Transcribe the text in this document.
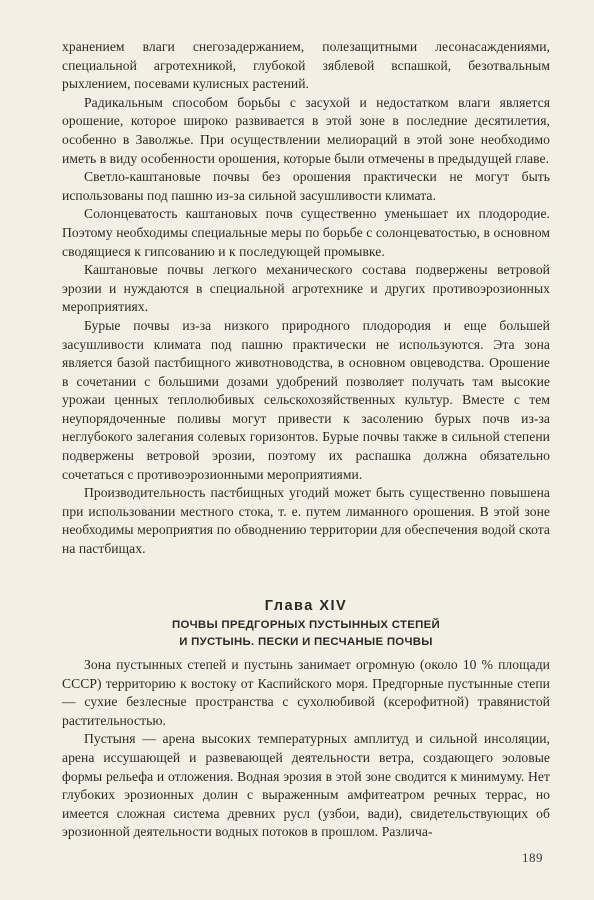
хранением влаги снегозадержанием, полезащитными лесонасаждениями, специальной агротехникой, глубокой зяблевой вспашкой, безотвальным рыхлением, посевами кулисных растений.

Радикальным способом борьбы с засухой и недостатком влаги является орошение, которое широко развивается в этой зоне в последние десятилетия, особенно в Заволжье. При осуществлении мелиораций в этой зоне необходимо иметь в виду особенности орошения, которые были отмечены в предыдущей главе.

Светло-каштановые почвы без орошения практически не могут быть использованы под пашню из-за сильной засушливости климата.

Солонцеватость каштановых почв существенно уменьшает их плодородие. Поэтому необходимы специальные меры по борьбе с солонцеватостью, в основном сводящиеся к гипсованию и к последующей промывке.

Каштановые почвы легкого механического состава подвержены ветровой эрозии и нуждаются в специальной агротехнике и других противоэрозионных мероприятиях.

Бурые почвы из-за низкого природного плодородия и еще большей засушливости климата под пашню практически не используются. Эта зона является базой пастбищного животноводства, в основном овцеводства. Орошение в сочетании с большими дозами удобрений позволяет получать там высокие урожаи ценных теплолюбивых сельскохозяйственных культур. Вместе с тем неупорядоченные поливы могут привести к засолению бурых почв из-за неглубокого залегания солевых горизонтов. Бурые почвы также в сильной степени подвержены ветровой эрозии, поэтому их распашка должна обязательно сочетаться с противоэрозионными мероприятиями.

Производительность пастбищных угодий может быть существенно повышена при использовании местного стока, т. е. путем лиманного орошения. В этой зоне необходимы мероприятия по обводнению территории для обеспечения водой скота на пастбищах.

Глава XIV

ПОЧВЫ ПРЕДГОРНЫХ ПУСТЫННЫХ СТЕПЕЙ

И ПУСТЫНЬ. ПЕСКИ И ПЕСЧАНЫЕ ПОЧВЫ

Зона пустынных степей и пустынь занимает огромную (около 10 % площади СССР) территорию к востоку от Каспийского моря. Предгорные пустынные степи — сухие безлесные пространства с сухолюбивой (ксерофитной) травянистой растительностью.

Пустыня — арена высоких температурных амплитуд и сильной инсоляции, арена иссушающей и развевающей деятельности ветра, создающего эоловые формы рельефа и отложения. Водная эрозия в этой зоне сводится к минимуму. Нет глубоких эрозионных долин с выраженным амфитеатром речных террас, но имеется сложная система древних русл (узбои, вади), свидетельствующих об эрозионной деятельности водных потоков в прошлом. Различа-

189
